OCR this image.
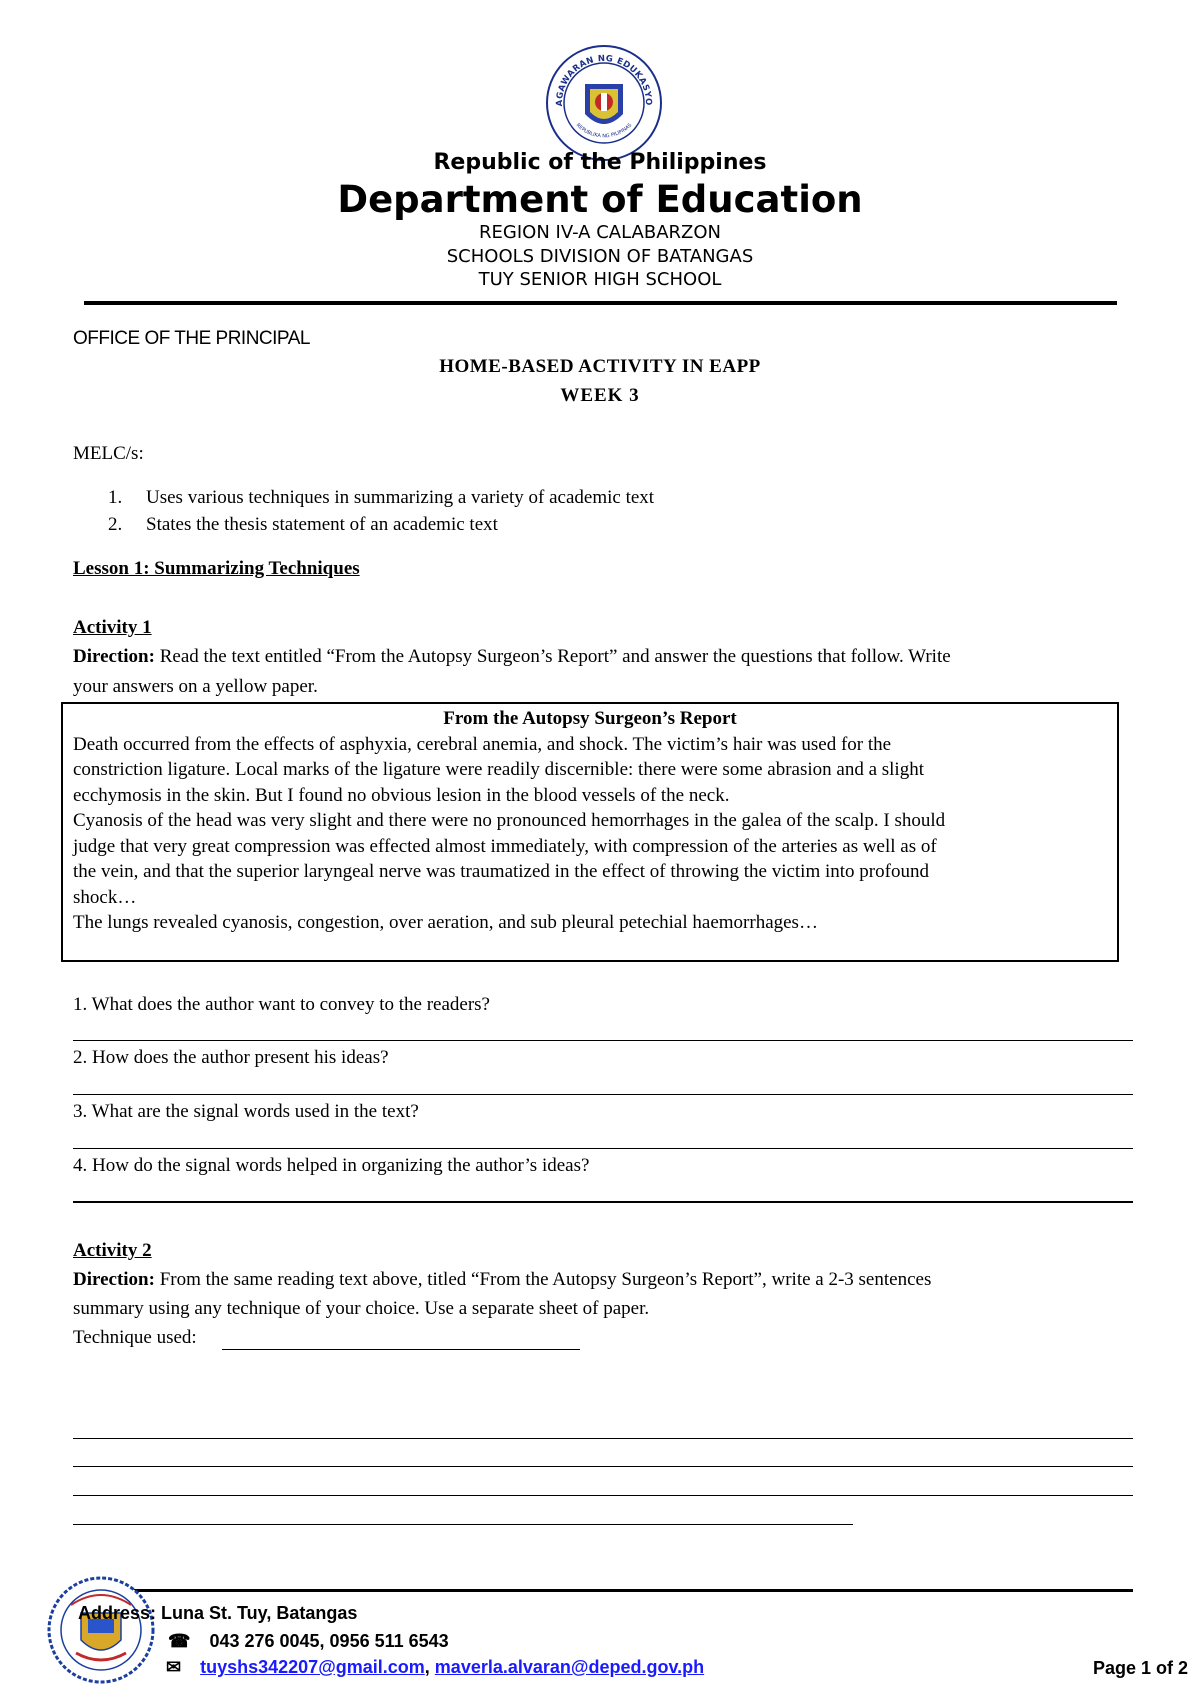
AGAWARAN NG EDUKASYO
REPUBLIKA NG PILIPINAS
Republic of the Philippines
Department of Education
REGION IV-A CALABARZON
SCHOOLS DIVISION OF BATANGAS
TUY SENIOR HIGH SCHOOL
OFFICE OF THE PRINCIPAL
HOME-BASED ACTIVITY IN EAPP
WEEK 3
MELC/s:
1. Uses various techniques in summarizing a variety of academic text
2. States the thesis statement of an academic text
Lesson 1: Summarizing Techniques
Activity 1
Direction: Read the text entitled “From the Autopsy Surgeon’s Report” and answer the questions that follow. Write
your answers on a yellow paper.

From the Autopsy Surgeon’s Report

Death occurred from the effects of asphyxia, cerebral anemia, and shock. The victim’s hair was used for the

constriction ligature. Local marks of the ligature were readily discernible: there were some abrasion and a slight

ecchymosis in the skin. But I found no obvious lesion in the blood vessels of the neck.

Cyanosis of the head was very slight and there were no pronounced hemorrhages in the galea of the scalp. I should

judge that very great compression was effected almost immediately, with compression of the arteries as well as of

the vein, and that the superior laryngeal nerve was traumatized in the effect of throwing the victim into profound

shock…

The lungs revealed cyanosis, congestion, over aeration, and sub pleural petechial haemorrhages…

1. What does the author want to convey to the readers?
2. How does the author present his ideas?
3. What are the signal words used in the text?
4. How do the signal words helped in organizing the author’s ideas?
Activity 2
Direction: From the same reading text above, titled “From the Autopsy Surgeon’s Report”, write a 2-3 sentences
summary using any technique of your choice. Use a separate sheet of paper.
Technique used:
Address: Luna St. Tuy, Batangas
☎ 043 276 0045, 0956 511 6543
✉ tuyshs342207@gmail.com, maverla.alvaran@deped.gov.ph	Page 1 of 2
